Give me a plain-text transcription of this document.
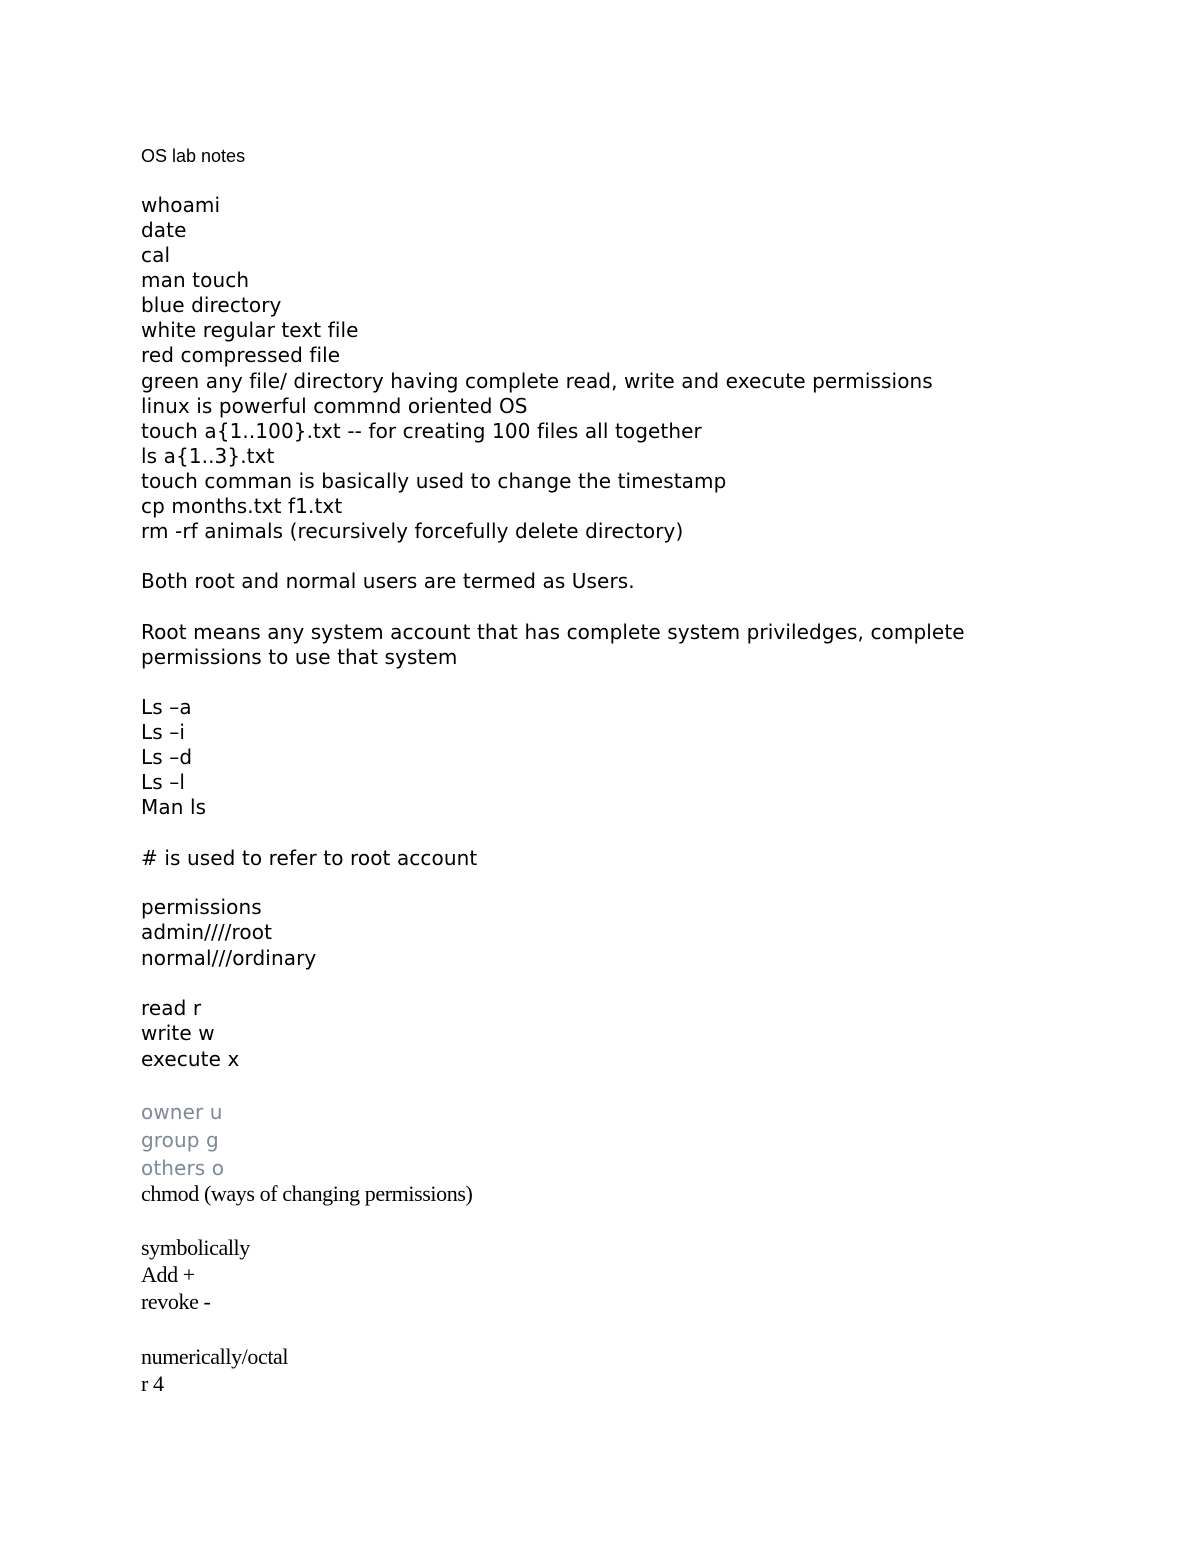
OS lab notes
whoami
date
cal
man touch
blue directory
white regular text file
red compressed file
green any file/ directory having complete read, write and execute permissions
linux is powerful commnd oriented OS
touch a{1..100}.txt -- for creating 100 files all together
ls a{1..3}.txt
touch comman is basically used to change the timestamp
cp months.txt f1.txt
rm -rf animals (recursively forcefully delete directory)
Both root and normal users are termed as Users.
Root means any system account that has complete system priviledges, complete
permissions to use that system
Ls –a
Ls –i
Ls –d
Ls –l
Man ls
# is used to refer to root account
permissions
admin////root
normal///ordinary
read r
write w
execute x
owner u
group g
others o
chmod (ways of changing permissions)
symbolically
Add +
revoke -
numerically/octal
r 4
